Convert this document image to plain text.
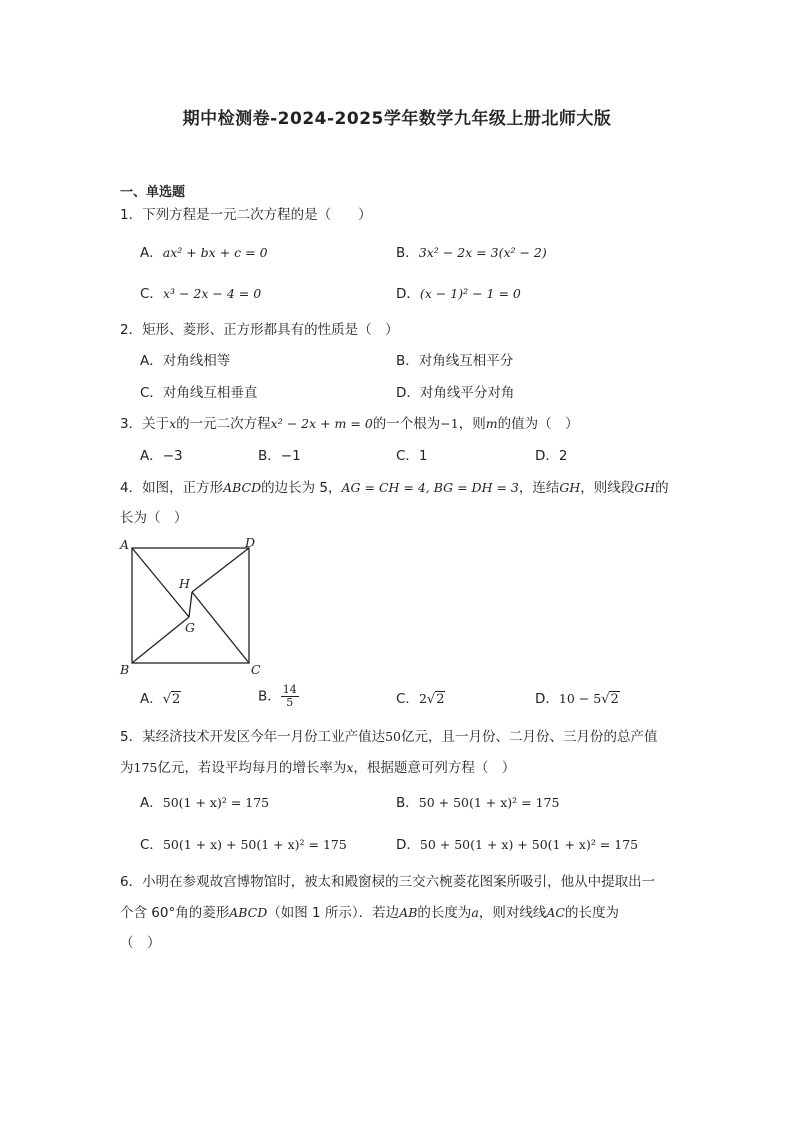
期中检测卷-2024-2025学年数学九年级上册北师大版
一、单选题
1．下列方程是一元二次方程的是（　　）
A．ax² + bx + c = 0	B．3x² − 2x = 3(x² − 2)
C．x³ − 2x − 4 = 0	D．(x − 1)² − 1 = 0
2．矩形、菱形、正方形都具有的性质是（　）
A．对角线相等	B．对角线互相平分
C．对角线互相垂直	D．对角线平分对角
3．关于x的一元二次方程x² − 2x + m = 0的一个根为−1，则m的值为（　）
A．−3	B．−1	C．1	D．2
4．如图，正方形ABCD的边长为 5，AG = CH = 4, BG = DH = 3，连结GH，则线段GH的
长为（　）
A	D
B	C
H
G
A．√2	B． $\frac{14}{5}$	C．2√2	D．10 − 5√2
5．某经济技术开发区今年一月份工业产值达50亿元，且一月份、二月份、三月份的总产值
为175亿元，若设平均每月的增长率为x，根据题意可列方程（　）
A．50(1 + x)² = 175	B．50 + 50(1 + x)² = 175
C．50(1 + x) + 50(1 + x)² = 175	D．50 + 50(1 + x) + 50(1 + x)² = 175
6．小明在参观故宫博物馆时，被太和殿窗棂的三交六椀菱花图案所吸引，他从中提取出一
个含 60°角的菱形ABCD（如图 1 所示）．若边AB的长度为a，则对线线AC的长度为
（　）
